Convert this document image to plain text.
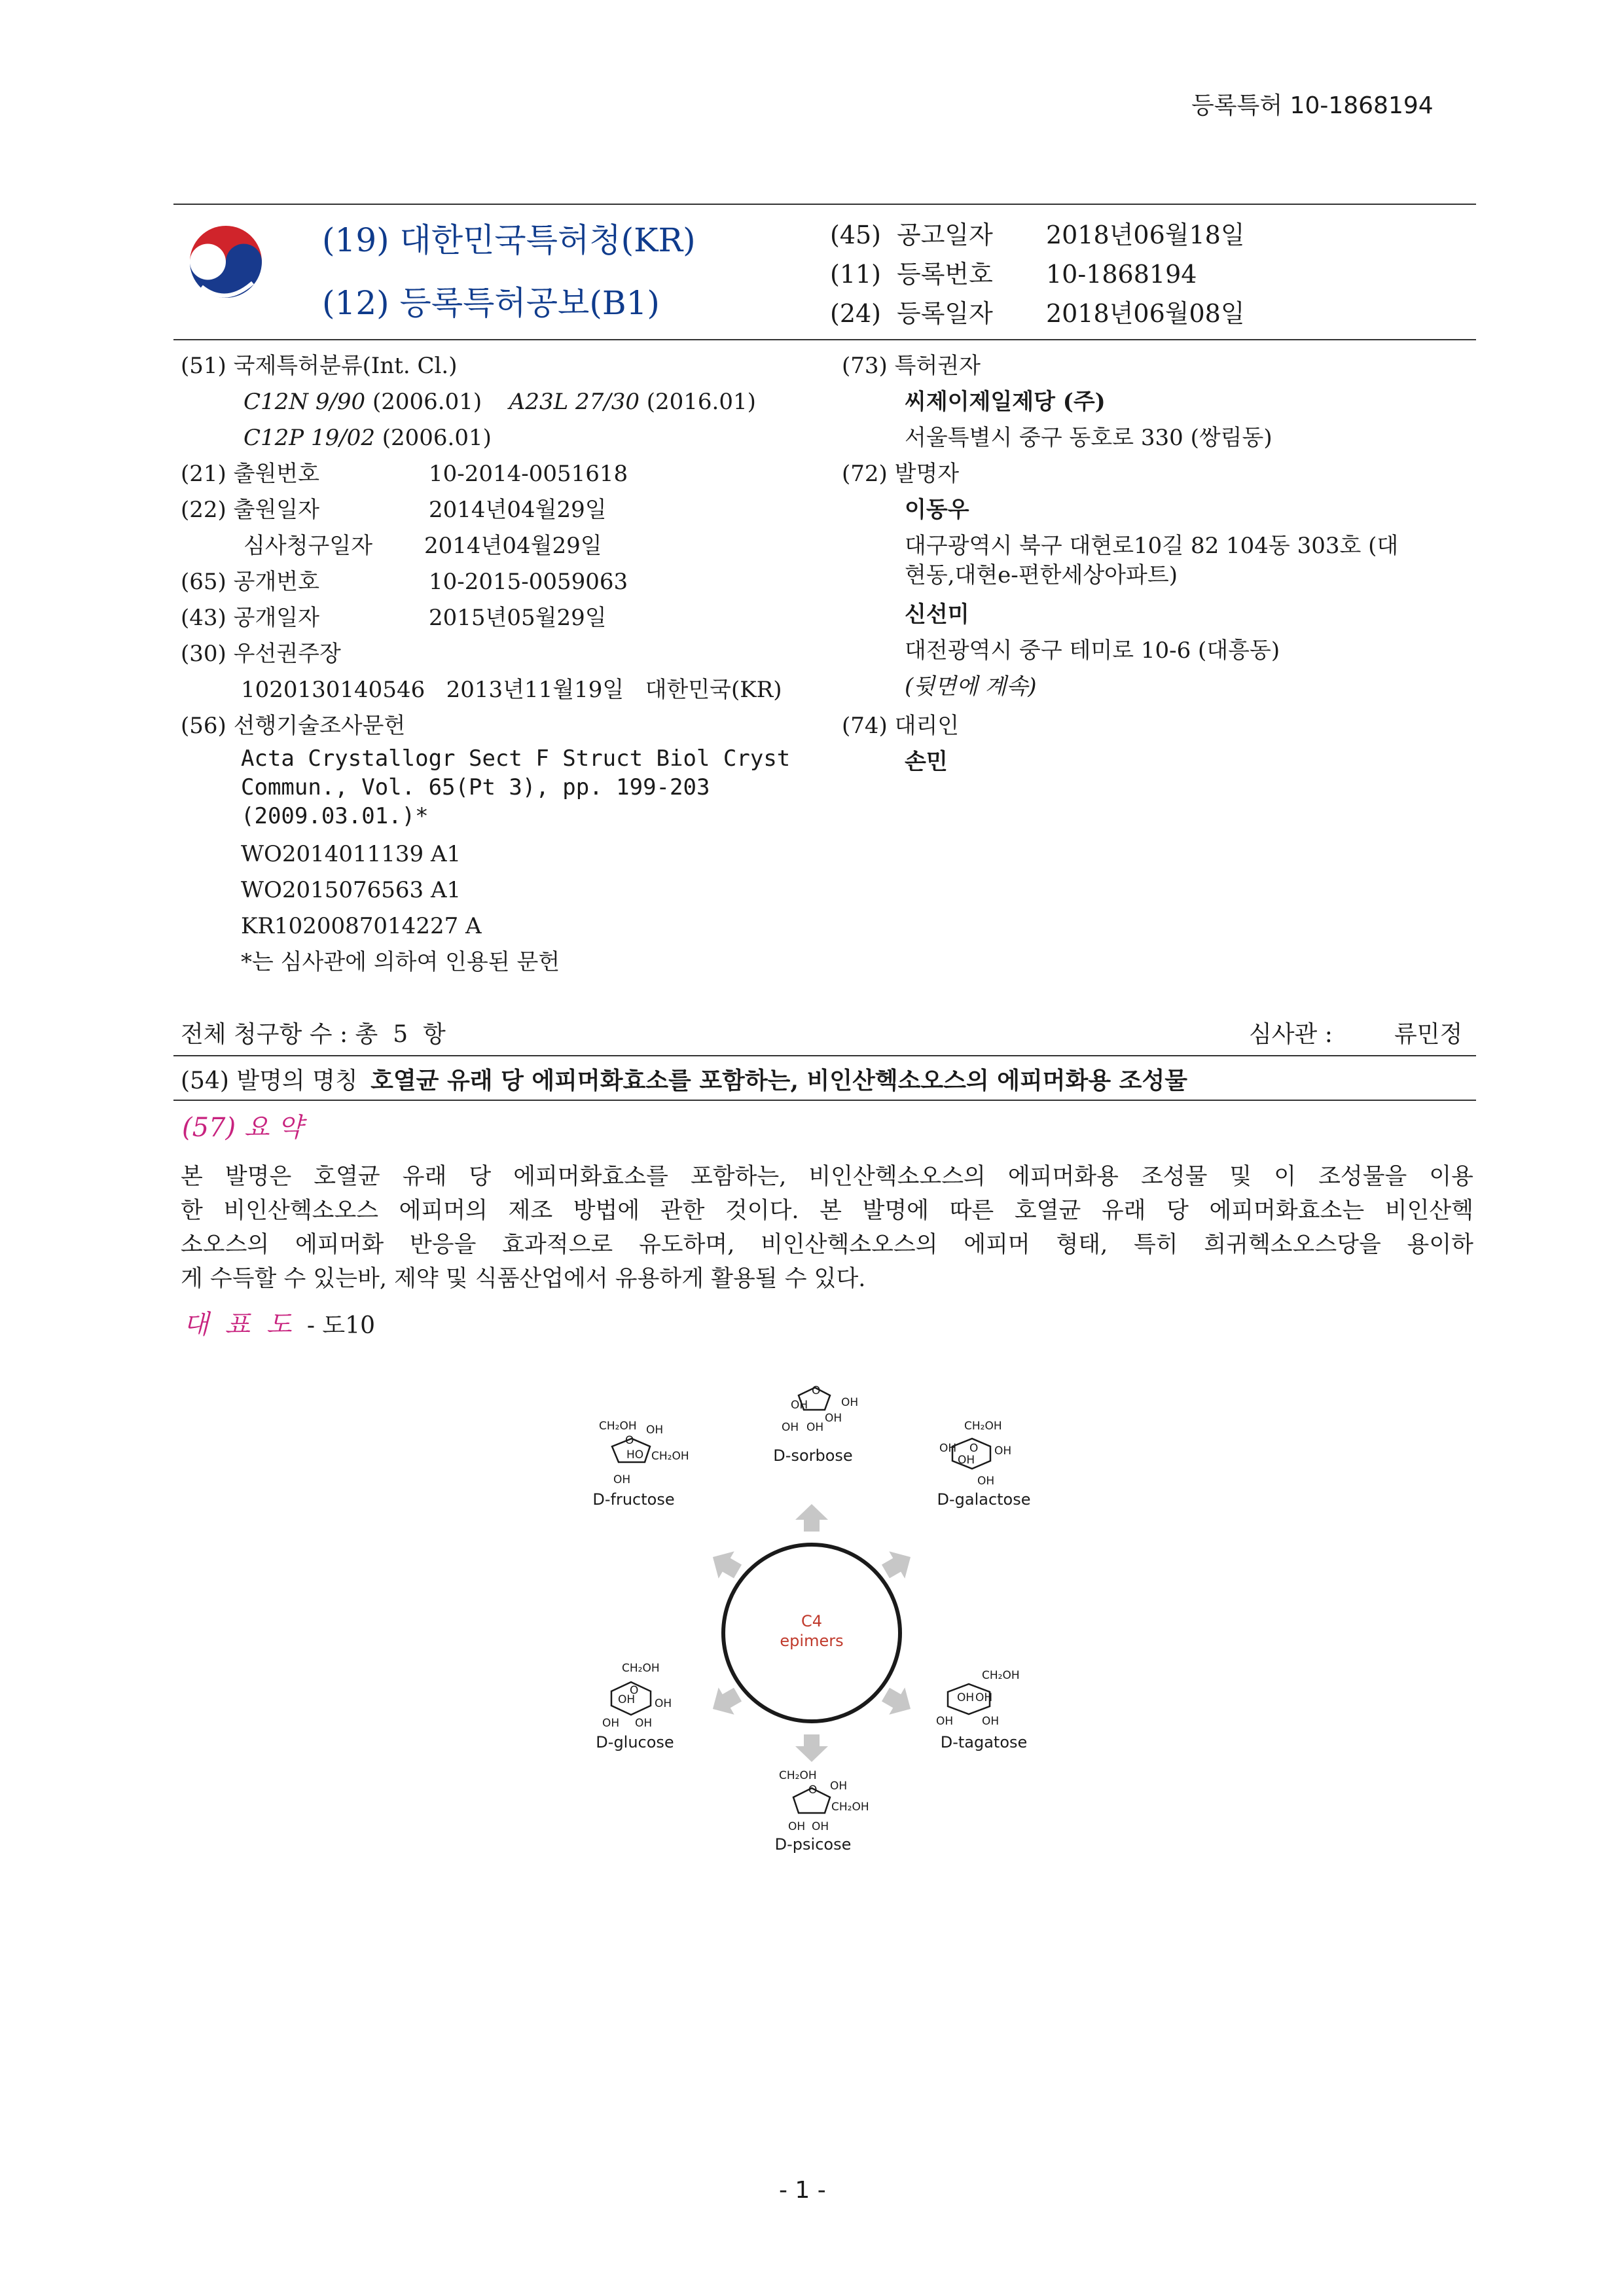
등록특허 10-1868194
(19) 대한민국특허청(KR)
(12) 등록특허공보(B1)
(45) 공고일자 2018년06월18일
(11) 등록번호 10-1868194
(24) 등록일자 2018년06월08일
(51) 국제특허분류(Int. Cl.)
C12N 9/90 (2006.01) A23L 27/30 (2016.01)
C12P 19/02 (2006.01)
(21) 출원번호	10-2014-0051618
(22) 출원일자	2014년04월29일
심사청구일자 2014년04월29일
(65) 공개번호	10-2015-0059063
(43) 공개일자	2015년05월29일
(30) 우선권주장
1020130140546   2013년11월19일   대한민국(KR)
(56) 선행기술조사문헌
Acta Crystallogr Sect F Struct Biol Cryst
Commun., Vol. 65(Pt 3), pp. 199-203
(2009.03.01.)*
WO2014011139 A1
WO2015076563 A1
KR1020087014227 A
*는 심사관에 의하여 인용된 문헌
(73) 특허권자
씨제이제일제당 (주)
서울특별시 중구 동호로 330 (쌍림동)
(72) 발명자
이동우
대구광역시 북구 대현로10길 82 104동 303호 (대
현동,대현e-편한세상아파트)
신선미
대전광역시 중구 테미로 10-6 (대흥동)
(뒷면에 계속)
(74) 대리인
손민
전체 청구항 수 : 총  5  항	심사관 :	류민정
(54) 발명의 명칭 호열균 유래 당 에피머화효소를 포함하는, 비인산헥소오스의 에피머화용 조성물
(57) 요 약
본 발명은 호열균 유래 당 에피머화효소를 포함하는, 비인산헥소오스의 에피머화용 조성물 및 이 조성물을 이용
한 비인산헥소오스 에피머의 제조 방법에 관한 것이다. 본 발명에 따른 호열균 유래 당 에피머화효소는 비인산헥
소오스의 에피머화 반응을 효과적으로 유도하며, 비인산헥소오스의 에피머 형태, 특히 희귀헥소오스당을 용이하
게 수득할 수 있는바, 제약 및 식품산업에서 유용하게 활용될 수 있다.
대 표 도 - 도10
C4
epimers
O
OH
OH
OH
OH OH
D-sorbose
CH₂OH
O
OH
OH
OH
OH
D-galactose
CH₂OH
OH OH
OH	OH
D-tagatose
CH₂OH
O OH
CH₂OH
OH OH
D-psicose
CH₂OH
O
OH OH
OH OH
D-glucose
CH₂OH OH
O
HO CH₂OH
OH
D-fructose
- 1 -
